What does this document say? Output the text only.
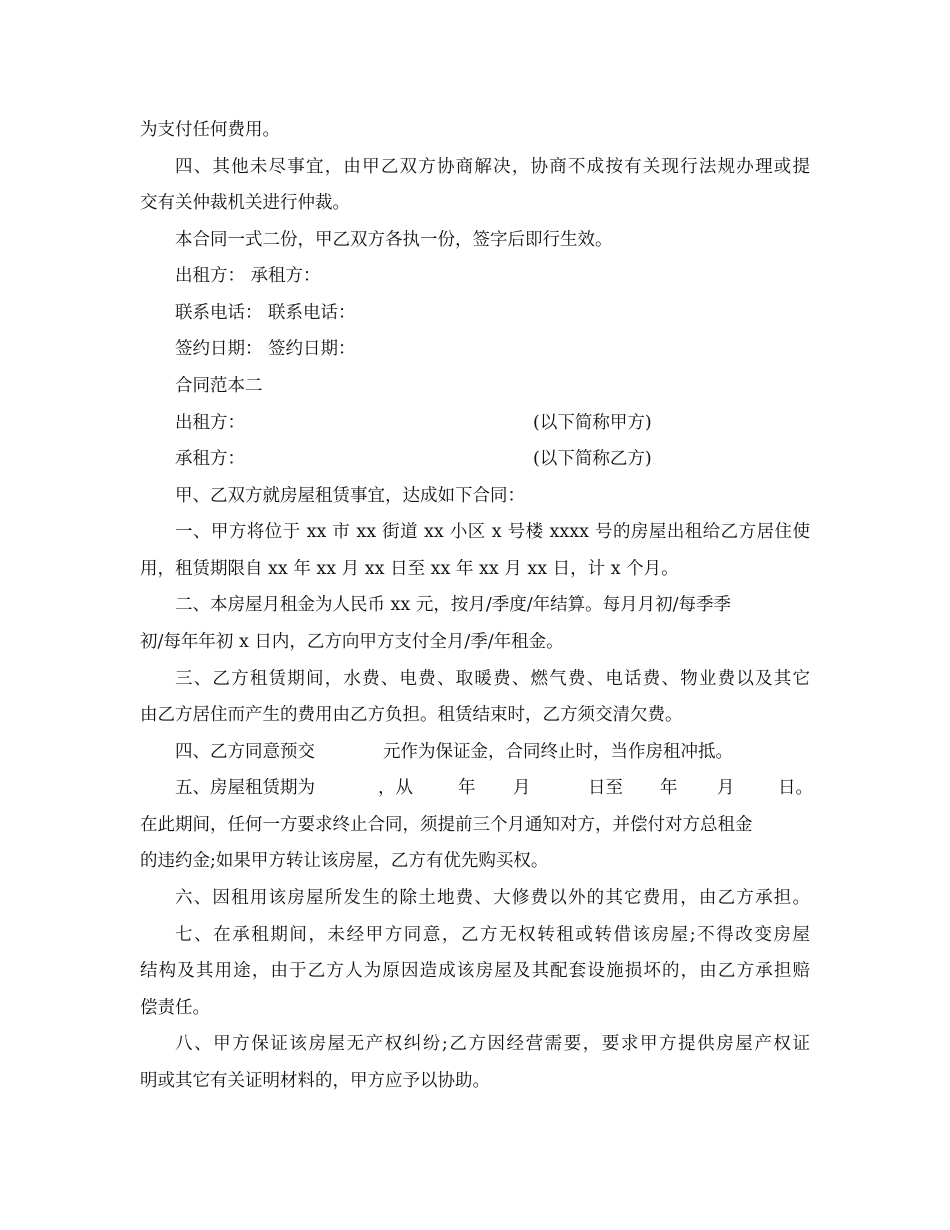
为支付任何费用。
四、其他未尽事宜，由甲乙双方协商解决，协商不成按有关现行法规办理或提
交有关仲裁机关进行仲裁。
本合同一式二份，甲乙双方各执一份，签字后即行生效。
出租方： 承租方：
联系电话： 联系电话：
签约日期： 签约日期：
合同范本二
出租方：	(以下简称甲方)
承租方：	(以下简称乙方)
甲、乙双方就房屋租赁事宜，达成如下合同：
一、甲方将位于 xx 市 xx 街道 xx 小区 x 号楼 xxxx 号的房屋出租给乙方居住使
用，租赁期限自 xx 年 xx 月 xx 日至 xx 年 xx 月 xx 日，计 x 个月。
二、本房屋月租金为人民币 xx 元，按月/季度/年结算。每月月初/每季季
初/每年年初 x 日内，乙方向甲方支付全月/季/年租金。
三、乙方租赁期间，水费、电费、取暖费、燃气费、电话费、物业费以及其它
由乙方居住而产生的费用由乙方负担。租赁结束时，乙方须交清欠费。
四、乙方同意预交	元作为保证金，合同终止时，当作房租冲抵。
五、房屋租赁期为	，从	年 月	日至 年 月 日。
在此期间，任何一方要求终止合同，须提前三个月通知对方，并偿付对方总租金
的违约金;如果甲方转让该房屋，乙方有优先购买权。
六、因租用该房屋所发生的除土地费、大修费以外的其它费用，由乙方承担。
七、在承租期间，未经甲方同意，乙方无权转租或转借该房屋;不得改变房屋
结构及其用途，由于乙方人为原因造成该房屋及其配套设施损坏的，由乙方承担赔
偿责任。
八、甲方保证该房屋无产权纠纷;乙方因经营需要，要求甲方提供房屋产权证
明或其它有关证明材料的，甲方应予以协助。
